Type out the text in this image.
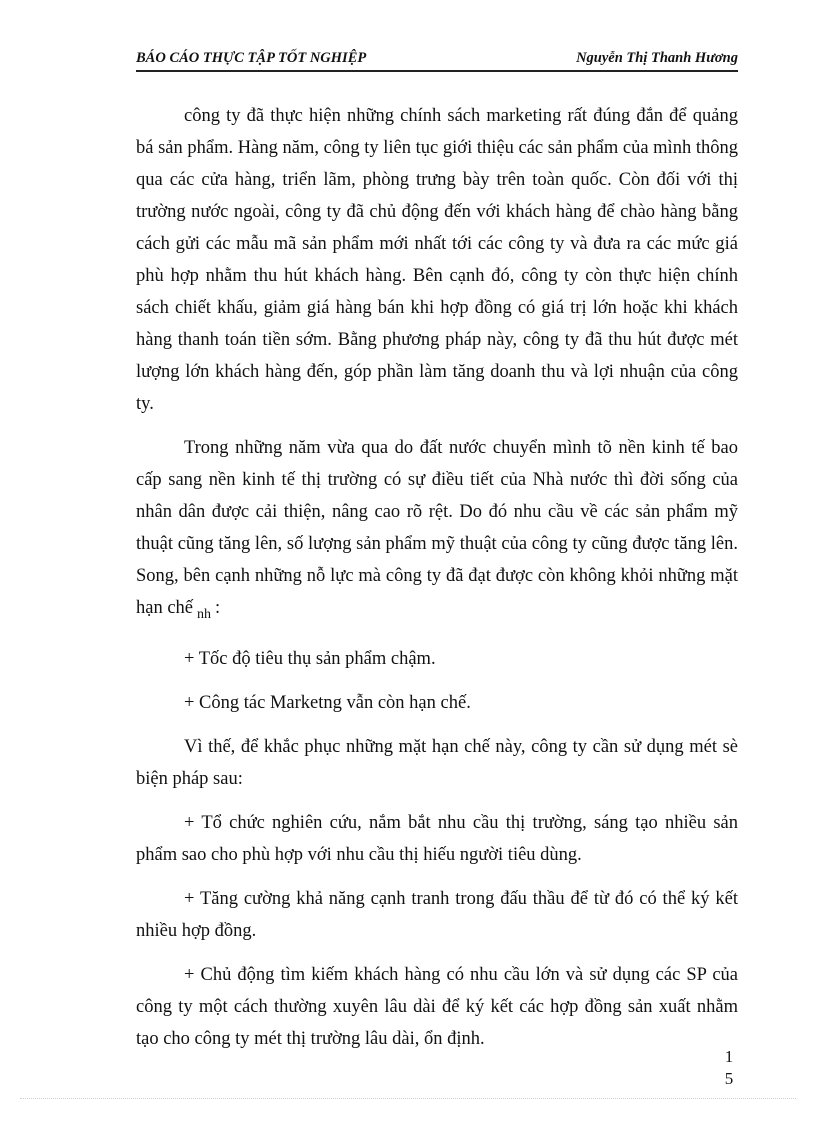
BÁO CÁO THỰC TẬP TỐT NGHIỆP	Nguyễn Thị Thanh Hương

công ty đã thực hiện những chính sách marketing rất đúng đắn để quảng bá sản phẩm. Hàng năm, công ty liên tục giới thiệu các sản phẩm của mình thông qua các cửa hàng, triển lãm, phòng trưng bày trên toàn quốc. Còn đối với thị trường nước ngoài, công ty đã chủ động đến với khách hàng để chào hàng bằng cách gửi các mẫu mã sản phẩm mới nhất tới các công ty và đưa ra các mức giá phù hợp nhằm thu hút khách hàng. Bên cạnh đó, công ty còn thực hiện chính sách chiết khấu, giảm giá hàng bán khi hợp đồng có giá trị lớn hoặc khi khách hàng thanh toán tiền sớm. Bằng phương pháp này, công ty đã thu hút được mét lượng lớn khách hàng đến, góp phần làm tăng doanh thu và lợi nhuận của công ty.

Trong những năm vừa qua do đất nước chuyển mình tõ nền kinh tế bao cấp sang nền kinh tế thị trường có sự điều tiết của Nhà nước thì đời sống của nhân dân được cải thiện, nâng cao rõ rệt. Do đó nhu cầu về các sản phẩm mỹ thuật cũng tăng lên, số lượng sản phẩm mỹ thuật của công ty cũng được tăng lên. Song, bên cạnh những nỗ lực mà công ty đã đạt được còn không khỏi những mặt hạn chế $_{nh}$ :

+ Tốc độ tiêu thụ sản phẩm chậm.

+ Công tác Marketng vẫn còn hạn chế.

Vì thế, để khắc phục những mặt hạn chế này, công ty cần sử dụng mét sè biện pháp sau:

+ Tổ chức nghiên cứu, nắm bắt nhu cầu thị trường, sáng tạo nhiều sản phẩm sao cho phù hợp với nhu cầu thị hiếu người tiêu dùng.

+ Tăng cường khả năng cạnh tranh trong đấu thầu để từ đó có thể ký kết nhiều hợp đồng.

+ Chủ động tìm kiếm khách hàng có nhu cầu lớn và sử dụng các SP của công ty một cách thường xuyên lâu dài để ký kết các hợp đồng sản xuất nhằm tạo cho công ty mét thị trường lâu dài, ổn định.

1
5
